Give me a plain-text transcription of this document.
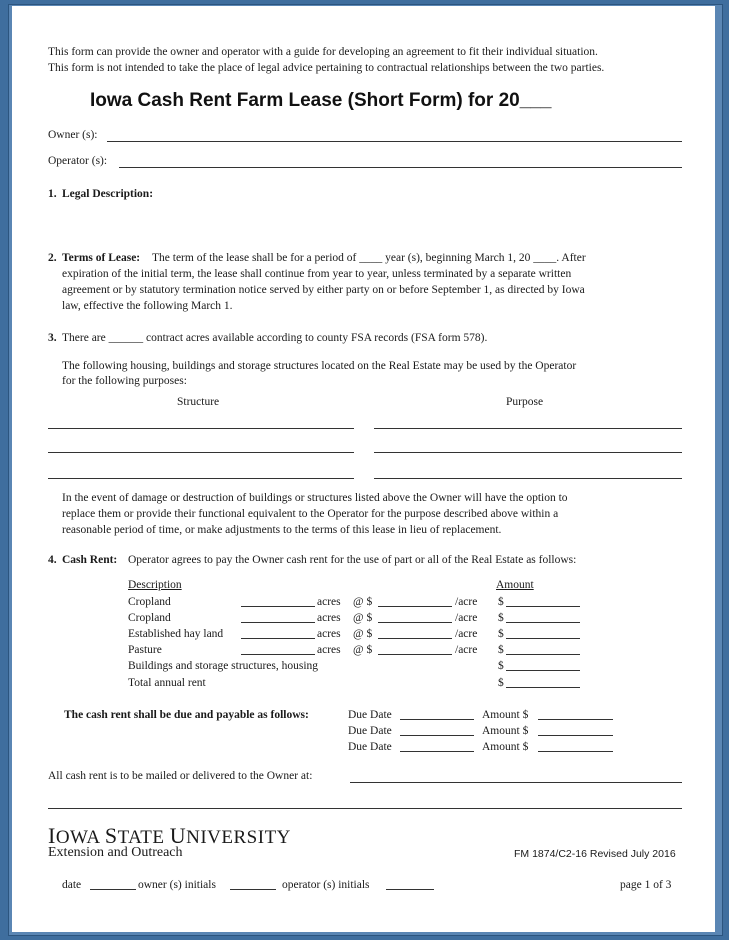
This form can provide the owner and operator with a guide for developing an agreement to fit their individual situation.
This form is not intended to take the place of legal advice pertaining to contractual relationships between the two parties.
Iowa Cash Rent Farm Lease (Short Form) for 20___
Owner (s):
Operator (s):
1. Legal Description:
2. Terms of Lease: The term of the lease shall be for a period of ____ year (s), beginning March 1, 20 ____. After
expiration of the initial term, the lease shall continue from year to year, unless terminated by a separate written
agreement or by statutory termination notice served by either party on or before September 1, as directed by Iowa
law, effective the following March 1.
3. There are ______ contract acres available according to county FSA records (FSA form 578).
The following housing, buildings and storage structures located on the Real Estate may be used by the Operator
for the following purposes:
Structure	Purpose
In the event of damage or destruction of buildings or structures listed above the Owner will have the option to
replace them or provide their functional equivalent to the Operator for the purpose described above within a
reasonable period of time, or make adjustments to the terms of this lease in lieu of replacement.
4. Cash Rent: Operator agrees to pay the Owner cash rent for the use of part or all of the Real Estate as follows:
Description	Amount
Cropland	acres @ $	/acre $
Cropland	acres @ $	/acre $
Established hay land	acres @ $	/acre $
Pasture	acres @ $	/acre $
Buildings and storage structures, housing	$
Total annual rent	$
The cash rent shall be due and payable as follows:	Due Date	Amount $
Due Date	Amount $
Due Date	Amount $
All cash rent is to be mailed or delivered to the Owner at:
IOWA STATE UNIVERSITY
Extension and Outreach	FM 1874/C2-16 Revised July 2016
date	owner (s) initials	operator (s) initials	page 1 of 3
